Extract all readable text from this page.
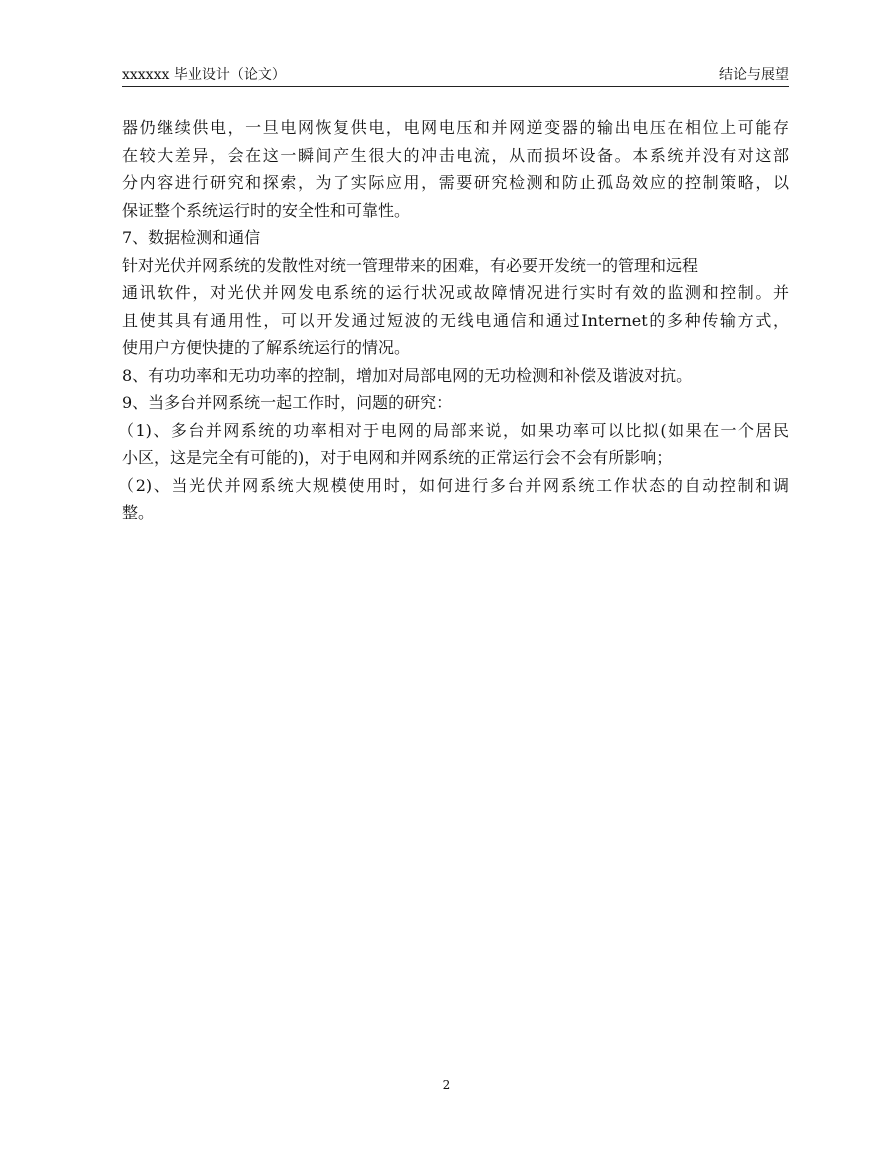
xxxxxx 毕业设计（论文）	结论与展望
器仍继续供电，一旦电网恢复供电，电网电压和并网逆变器的输出电压在相位上可能存
在较大差异，会在这一瞬间产生很大的冲击电流，从而损坏设备。本系统并没有对这部
分内容进行研究和探索，为了实际应用，需要研究检测和防止孤岛效应的控制策略，以
保证整个系统运行时的安全性和可靠性。
7、数据检测和通信
针对光伏并网系统的发散性对统一管理带来的困难，有必要开发统一的管理和远程
通讯软件，对光伏并网发电系统的运行状况或故障情况进行实时有效的监测和控制。并
且使其具有通用性，可以开发通过短波的无线电通信和通过Internet的多种传输方式，
使用户方便快捷的了解系统运行的情况。
8、有功功率和无功功率的控制，增加对局部电网的无功检测和补偿及谐波对抗。
9、当多台并网系统一起工作时，问题的研究：
（1)、多台并网系统的功率相对于电网的局部来说，如果功率可以比拟(如果在一个居民
小区，这是完全有可能的)，对于电网和并网系统的正常运行会不会有所影响；
（2)、当光伏并网系统大规模使用时，如何进行多台并网系统工作状态的自动控制和调
整。
2
